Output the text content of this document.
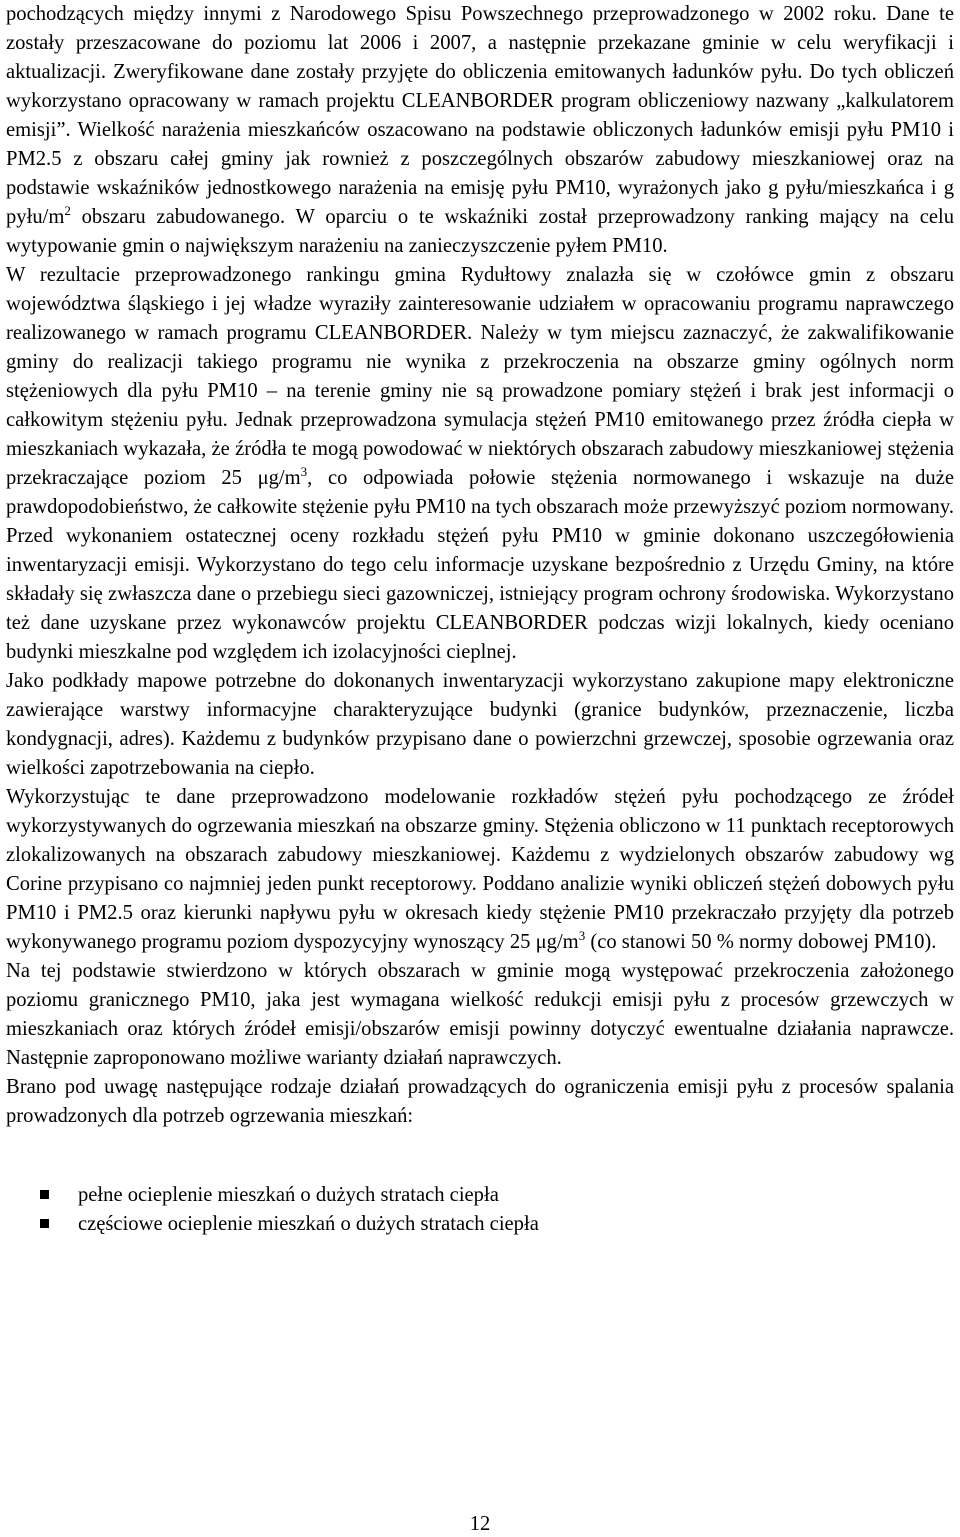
pochodzących między innymi z Narodowego Spisu Powszechnego przeprowadzonego w 2002 roku. Dane te zostały przeszacowane do poziomu lat 2006 i 2007, a następnie przekazane gminie w celu weryfikacji i aktualizacji. Zweryfikowane dane zostały przyjęte do obliczenia emitowanych ładunków pyłu. Do tych obliczeń wykorzystano opracowany w ramach projektu CLEANBORDER program obliczeniowy nazwany „kalkulatorem emisji”. Wielkość narażenia mieszkańców oszacowano na podstawie obliczonych ładunków emisji pyłu PM10 i PM2.5 z obszaru całej gminy jak rownież z poszczególnych obszarów zabudowy mieszkaniowej oraz na podstawie wskaźników jednostkowego narażenia na emisję pyłu PM10, wyrażonych jako g pyłu/mieszkańca i g pyłu/$m^2$ obszaru zabudowanego. W oparciu o te wskaźniki został przeprowadzony ranking mający na celu wytypowanie gmin o największym narażeniu na zanieczyszczenie pyłem PM10.

W rezultacie przeprowadzonego rankingu gmina Rydułtowy znalazła się w czołówce gmin z obszaru województwa śląskiego i jej władze wyraziły zainteresowanie udziałem w opracowaniu programu naprawczego realizowanego w ramach programu CLEANBORDER. Należy w tym miejscu zaznaczyć, że zakwalifikowanie gminy do realizacji takiego programu nie wynika z przekroczenia na obszarze gminy ogólnych norm stężeniowych dla pyłu PM10 – na terenie gminy nie są prowadzone pomiary stężeń i brak jest informacji o całkowitym stężeniu pyłu. Jednak przeprowadzona symulacja stężeń PM10 emitowanego przez źródła ciepła w mieszkaniach wykazała, że źródła te mogą powodować w niektórych obszarach zabudowy mieszkaniowej stężenia przekraczające poziom 25 $\mu g/m^3$, co odpowiada połowie stężenia normowanego i wskazuje na duże prawdopodobieństwo, że całkowite stężenie pyłu PM10 na tych obszarach może przewyższyć poziom normowany.

Przed wykonaniem ostatecznej oceny rozkładu stężeń pyłu PM10 w gminie dokonano uszczegółowienia inwentaryzacji emisji. Wykorzystano do tego celu informacje uzyskane bezpośrednio z Urzędu Gminy, na które składały się zwłaszcza dane o przebiegu sieci gazowniczej, istniejący program ochrony środowiska. Wykorzystano też dane uzyskane przez wykonawców projektu CLEANBORDER podczas wizji lokalnych, kiedy oceniano budynki mieszkalne pod względem ich izolacyjności cieplnej.

Jako podkłady mapowe potrzebne do dokonanych inwentaryzacji wykorzystano zakupione mapy elektroniczne zawierające warstwy informacyjne charakteryzujące budynki (granice budynków, przeznaczenie, liczba kondygnacji, adres). Każdemu z budynków przypisano dane o powierzchni grzewczej, sposobie ogrzewania oraz wielkości zapotrzebowania na ciepło.

Wykorzystując te dane przeprowadzono modelowanie rozkładów stężeń pyłu pochodzącego ze źródeł wykorzystywanych do ogrzewania mieszkań na obszarze gminy. Stężenia obliczono w 11 punktach receptorowych zlokalizowanych na obszarach zabudowy mieszkaniowej. Każdemu z wydzielonych obszarów zabudowy wg Corine przypisano co najmniej jeden punkt receptorowy. Poddano analizie wyniki obliczeń stężeń dobowych pyłu PM10 i PM2.5 oraz kierunki napływu pyłu w okresach kiedy stężenie PM10 przekraczało przyjęty dla potrzeb wykonywanego programu poziom dyspozycyjny wynoszący 25 $\mu g/m^3$ (co stanowi 50 % normy dobowej PM10).

Na tej podstawie stwierdzono w których obszarach w gminie mogą występować przekroczenia założonego poziomu granicznego PM10, jaka jest wymagana wielkość redukcji emisji pyłu z procesów grzewczych w mieszkaniach oraz których źródeł emisji/obszarów emisji powinny dotyczyć ewentualne działania naprawcze. Następnie zaproponowano możliwe warianty działań naprawczych.

Brano pod uwagę następujące rodzaje działań prowadzących do ograniczenia emisji pyłu z procesów spalania prowadzonych dla potrzeb ogrzewania mieszkań:

pełne ocieplenie mieszkań o dużych stratach ciepła
częściowe ocieplenie mieszkań o dużych stratach ciepła
12
